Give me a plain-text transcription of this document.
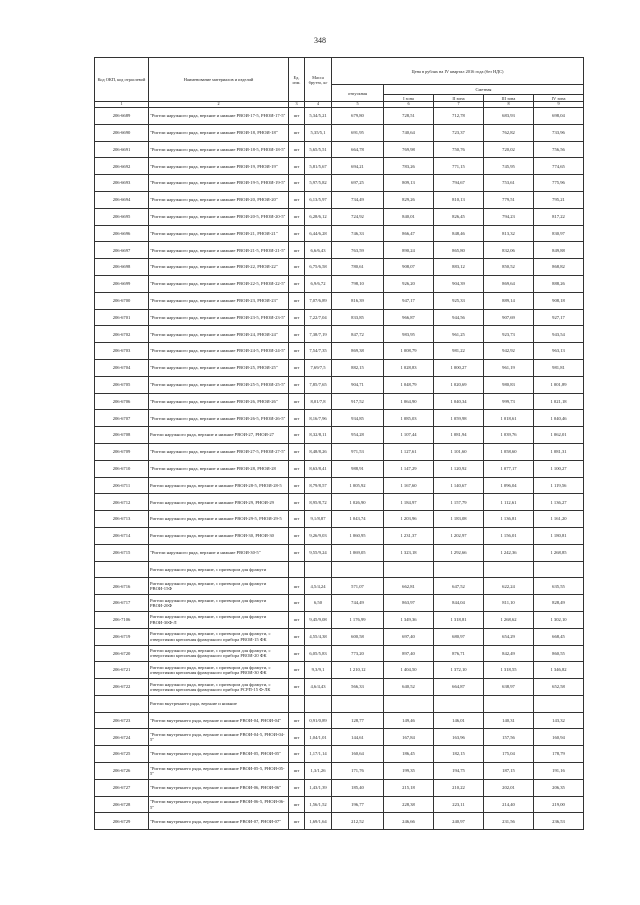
348
Код ОКП, код отраслевой	Наименование материалов и изделий	Ед. изм.	Масса брутто, кг	Цена в рублях на IV квартал 2016 года (без НДС)				
				отпускная	Сметная			
					I зона	II зона	III зона	IV зона
1	2	3	4	5	6	7	8	9
206-6689	"Ригели наружного ряда, верхние и нижние РВОИ-17-5, РНОИ-17-5"	шт	5,34/5,21	679,80	728,51	712,78	683,93	698,04
206-6690	"Ригели наружного ряда, верхние и нижние РВОИ-18, РНОИ-18"	шт	5,35/5,1	691,95	740,64	723,37	762,82	733,96
206-6691	"Ригели наружного ряда, верхние и нижние РВОИ-18-5, РНОИ-18-5"	шт	5,65/5,51	664,78	769,98	750,76	720,02	756,56
206-6692	"Ригели наружного ряда, верхние и нижние РВОИ-19, РНОИ-19"	шт	5,81/5,67	694,21	783,26	771,15	745,95	774,65
206-6693	"Ригели наружного ряда, верхние и нижние РВОИ-19-5, РНОИ-19-5"	шт	5,97/5,82	697,25	809,13	794,67	753,61	775,96
206-6694	"Ригели наружного ряда, верхние и нижние РВОИ-20, РНОИ-20"	шт	6,13/5,97	734,49	829,26	810,13	779,51	795,21
206-6695	"Ригели наружного ряда, верхние и нижние РВОИ-20-5, РНОИ-20-5"	шт	6,28/6,12	724,92	840,01	826,45	794,23	817,22
206-6696	"Ригели наружного ряда, верхние и нижние РВОИ-21, РНОИ-21"	шт	6,44/6,28	746,33	866,47	848,46	813,32	830,97
206-6697	"Ригели наружного ряда, верхние и нижние РВОИ-21-5, РНОИ-21-5"	шт	6,6/6,43	763,59	890,24	865,80	832,06	849,88
206-6698	"Ригели наружного ряда, верхние и нижние РВОИ-22, РНОИ-22"	шт	6,75/6,58	780,61	908,07	883,12	850,52	868,82
206-6699	"Ригели наружного ряда, верхние и нижние РВОИ-22-5, РНОИ-22-5"	шт	6,9/6,72	798,10	926,20	904,39	869,64	888,26
206-6700	"Ригели наружного ряда, верхние и нижние РВОИ-23, РНОИ-23"	шт	7,07/6,89	816,39	947,17	925,33	889,14	908,18
206-6701	"Ригели наружного ряда, верхние и нижние РВОИ-23-5, РНОИ-23-5"	шт	7,22/7,04	833,85	966,87	944,56	907,69	927,17
206-6702	"Ригели наружного ряда, верхние и нижние РВОИ-24, РНОИ-24"	шт	7,38/7,19	847,72	983,95	961,25	923,73	943,54
206-6703	"Ригели наружного ряда, верхние и нижние РВОИ-24-5, РНОИ-24-5"	шт	7,54/7,35	869,38	1 008,79	981,22	942,92	963,13
206-6704	"Ригели наружного ряда, верхние и нижние РВОИ-25, РНОИ-25"	шт	7,69/7,5	882,15	1 028,83	1 000,27	961,19	981,81
206-6705	"Ригели наружного ряда, верхние и нижние РВОИ-25-5, РНОИ-25-5"	шт	7,85/7,65	904,71	1 048,79	1 020,69	980,83	1 001,89
206-6706	"Ригели наружного ряда, верхние и нижние РВОИ-26, РНОИ-26"	шт	8,01/7,8	917,52	1 064,90	1 040,34	999,73	1 021,18
206-6707	"Ригели наружного ряда, верхние и нижние РВОИ-26-5, РНОИ-26-5"	шт	8,16/7,96	934,85	1 085,03	1 059,98	1 018,61	1 040,46
206-6708	Ригели наружного ряда, верхние и нижние РВОИ-27, РНОИ-27	шт	8,32/8,11	954,28	1 107,44	1 081,94	1 039,76	1 062,01
206-6709	"Ригели наружного ряда, верхние и нижние РВОИ-27-5, РНОИ-27-5"	шт	8,48/8,26	971,53	1 127,61	1 101,60	1 058,60	1 081,31
206-6710	"Ригели наружного ряда, верхние и нижние РВОИ-28, РНОИ-28	шт	8,63/8,41	988,91	1 147,29	1 120,92	1 077,17	1 100,27
206-6711	Ригели наружного ряда, верхние и нижние РВОИ-28-5, РНОИ-28-5	шт	8,79/8,57	1 005,92	1 167,60	1 140,67	1 096,04	1 119,56
206-6712	Ригели наружного ряда, верхние и нижние РВОИ-29, РНОИ-29	шт	8,95/8,72	1 026,90	1 184,97	1 157,79	1 112,61	1 136,27
206-6713	Ригели наружного ряда, верхние и нижние РВОИ-29-5, РНОИ-29-5	шт	9,1/8,87	1 043,74	1 203,96	1 183,08	1 136,81	1 161,20
206-6714	Ригели наружного ряда, верхние и нижние РВОИ-30, РНОИ-30	шт	9,26/9,03	1 060,95	1 231,37	1 202,97	1 156,01	1 180,81
206-6715	"Ригели наружного ряда, верхние и нижние РВОИ-30-5"	шт	9,55/9,24	1 069,05	1 323,18	1 292,66	1 242,36	1 268,85
	Ригели наружного ряда, верхние, с притвором для фрамуги							
206-6716	Ригели наружного ряда, верхние, с притвором для фрамуги РВОИ-15Ф	шт	4,5/4,24	571,07	662,81	647,52	622,24	635,55
206-6717	Ригели наружного ряда, верхние, с притвором для фрамуги РВОИ-20Ф	шт	6,50	744,49	863,97	844,04	811,10	828,49
206-7106	Ригели наружного ряда, верхние, с притвором для фрамуги РВОИ-30Ф-Л	шт	9,45/9,08	1 176,99	1 349,36	1 318,81	1 268,62	1 302,10
206-6719	Ригели наружного ряда, верхние, с притвором для фрамуги, с отверстиями крепления фрамужного прибора РВОИ-15 ФК	шт	4,55/4,38	600,58	697,40	680,97	654,29	668,45
206-6720	Ригели наружного ряда, верхние, с притвором для фрамуги, с отверстиями крепления фрамужного прибора РВОИ-20 ФК	шт	6,05/5,83	773,20	897,40	876,71	842,49	860,55
206-6721	Ригели наружного ряда, верхние, с притвором для фрамуги, с отверстиями крепления фрамужного прибора РВОИ-30 ФК	шт	9,3/9,1	1 210,12	1 404,50	1 372,10	1 318,55	1 346,82
206-6722	Ригели наружного ряда, верхние, с притвором для фрамуги, с отверстиями крепления фрамужного прибора РСРП-15 Ф-ЛК	шт	4,6/4,43	566,33	640,52	664,87	638,97	652,58
	Ригели внутреннего ряда, верхние и нижние							
206-6723	"Ригели внутреннего ряда, верхние и нижние РВОИ-04, РНОИ-04"	шт	0,91/0,89	128,77	149,46	146,01	140,31	143,32
206-6724	"Ригели внутреннего ряда, верхние и нижние РВОИ-04-5, РНОИ-04-5"	шт	1,04/1,01	144,61	167,84	163,96	157,56	160,94
206-6725	"Ригели внутреннего ряда, верхние и нижние РВОИ-05, РНОИ-05"	шт	1,17/1,14	160,64	186,45	182,15	175,04	178,79
206-6726	"Ригели внутреннего ряда, верхние и нижние РВОИ-05-5, РНОИ-05-5"	шт	1,3/1,26	171,76	199,35	194,75	187,15	191,16
206-6727	"Ригели внутреннего ряда, верхние и нижние РВОИ-06, РНОИ-06"	шт	1,43/1,39	185,40	215,18	210,22	202,01	206,35
206-6728	"Ригели внутреннего ряда, верхние и нижние РВОИ-06-5, РНОИ-06-5"	шт	1,56/1,52	196,77	228,38	223,11	214,40	219,00
206-6729	"Ригели внутреннего ряда, верхние и нижние РВОИ-07, РНОИ-07"	шт	1,69/1,64	212,52	246,66	240,97	231,56	236,53
